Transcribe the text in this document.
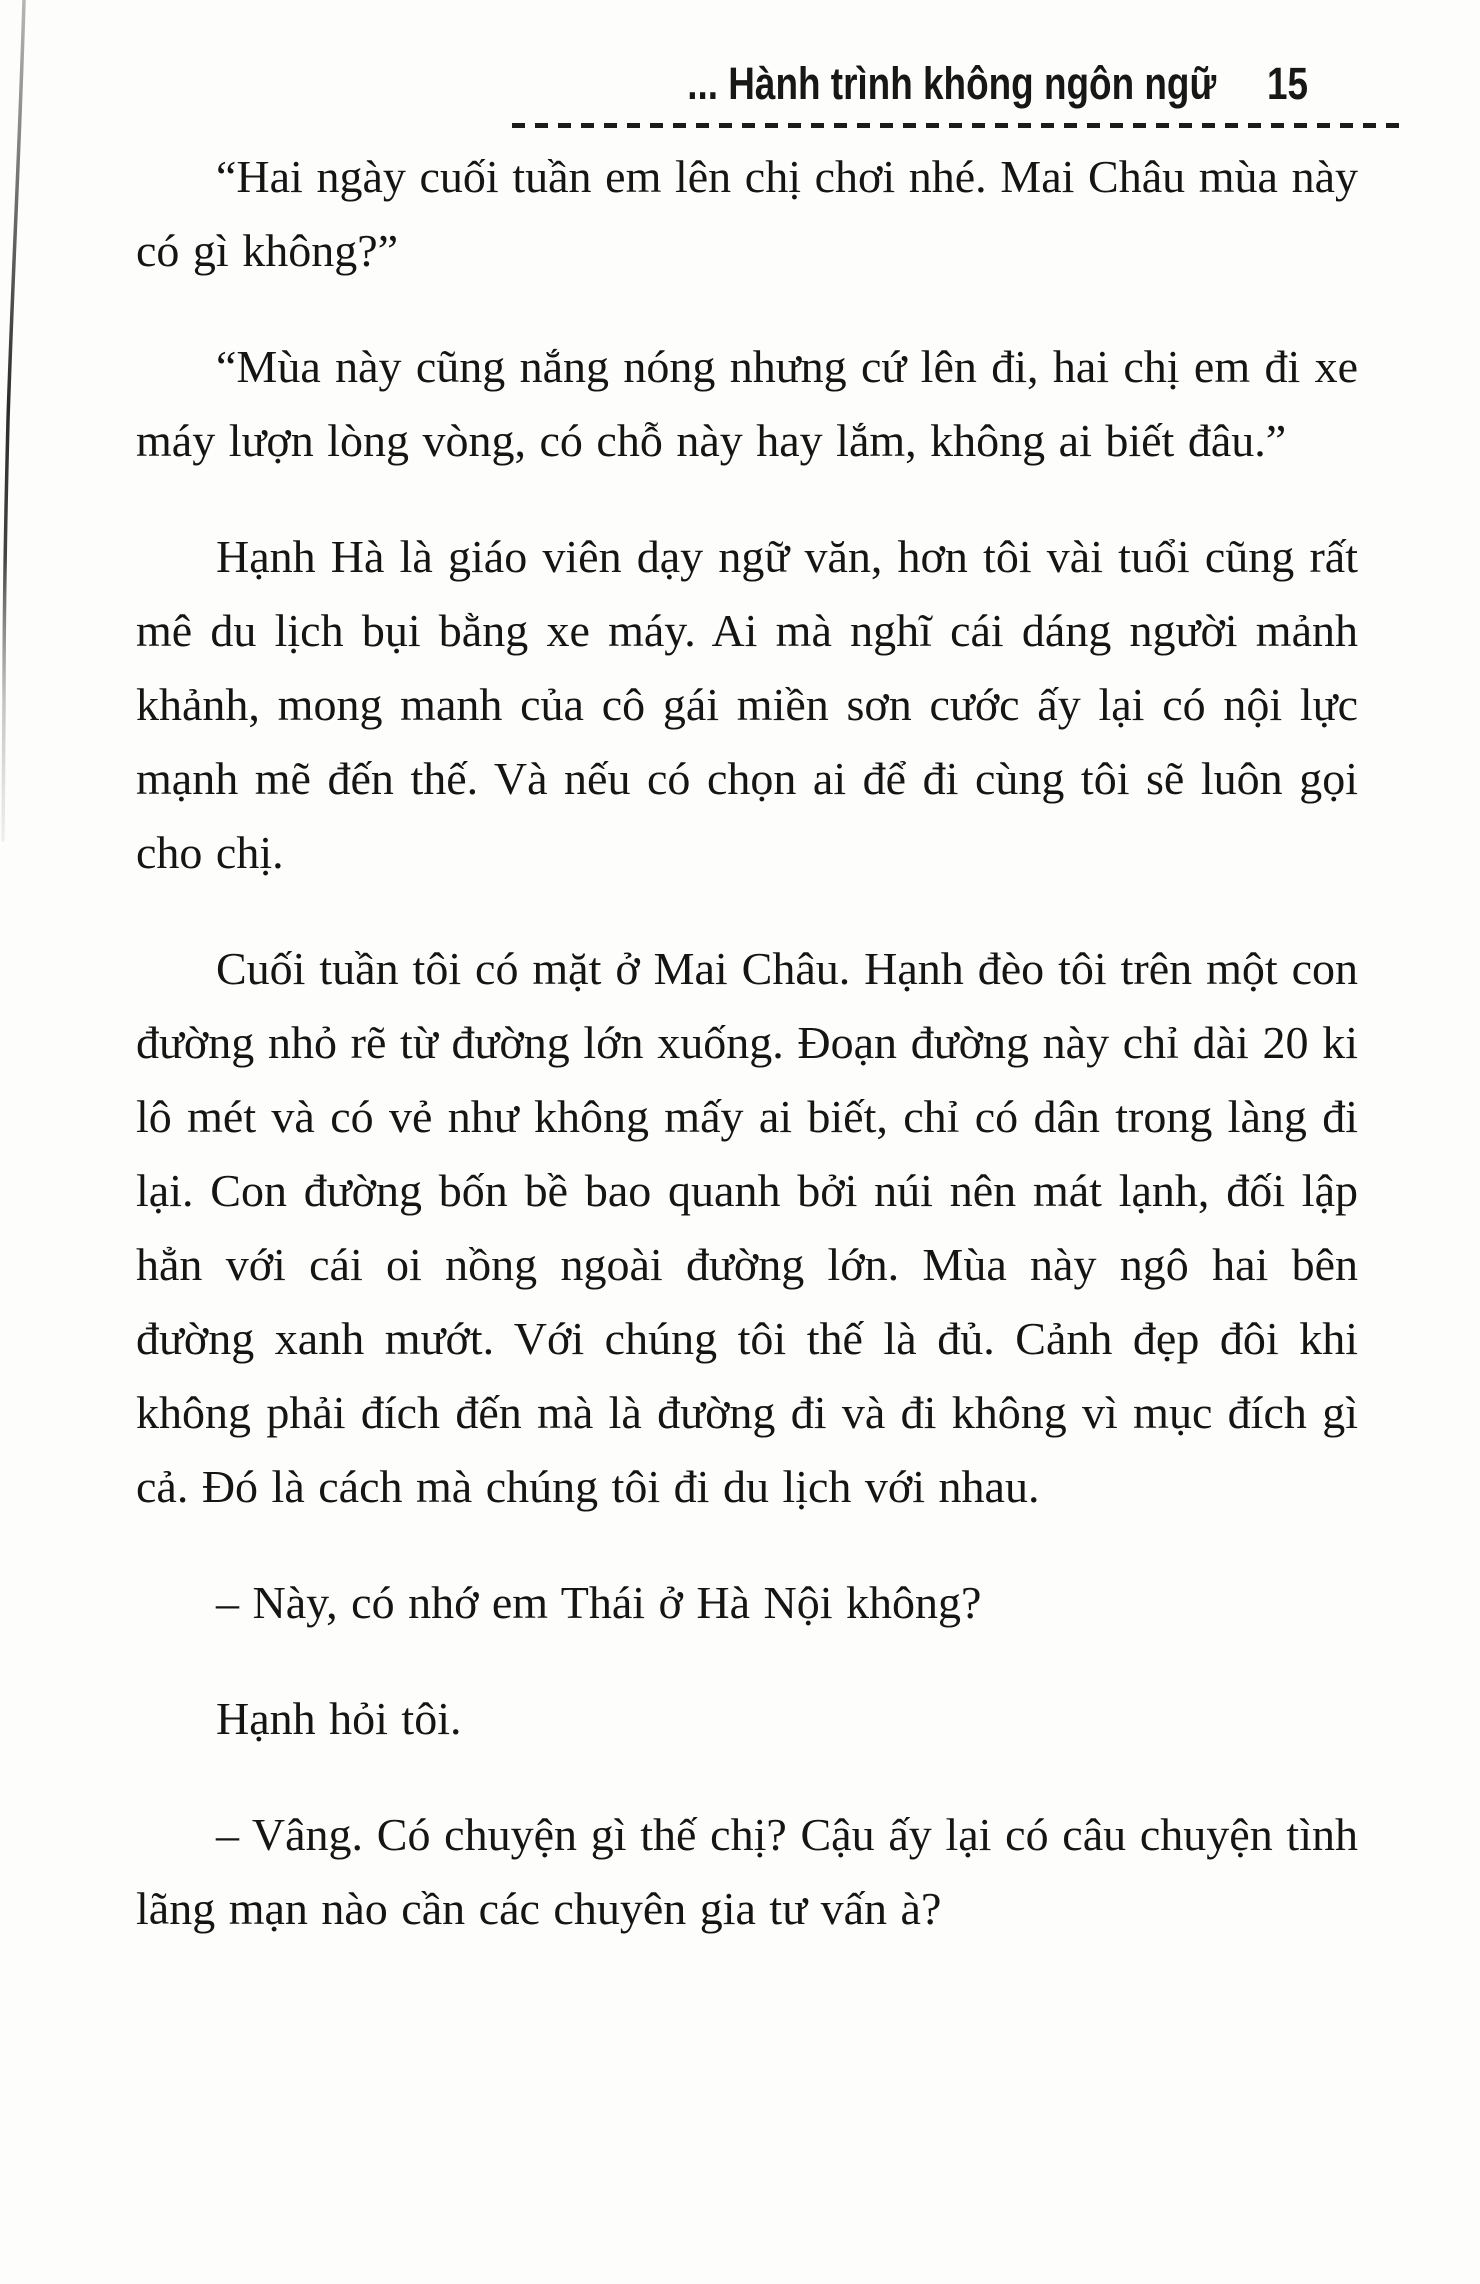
... Hành trình không ngôn ngữ 15

“Hai ngày cuối tuần em lên chị chơi nhé. Mai Châu mùa này có gì không?”

“Mùa này cũng nắng nóng nhưng cứ lên đi, hai chị em đi xe máy lượn lòng vòng, có chỗ này hay lắm, không ai biết đâu.”

Hạnh Hà là giáo viên dạy ngữ văn, hơn tôi vài tuổi cũng rất mê du lịch bụi bằng xe máy. Ai mà nghĩ cái dáng người mảnh khảnh, mong manh của cô gái miền sơn cước ấy lại có nội lực mạnh mẽ đến thế. Và nếu có chọn ai để đi cùng tôi sẽ luôn gọi cho chị.

Cuối tuần tôi có mặt ở Mai Châu. Hạnh đèo tôi trên một con đường nhỏ rẽ từ đường lớn xuống. Đoạn đường này chỉ dài 20 ki lô mét và có vẻ như không mấy ai biết, chỉ có dân trong làng đi lại. Con đường bốn bề bao quanh bởi núi nên mát lạnh, đối lập hẳn với cái oi nồng ngoài đường lớn. Mùa này ngô hai bên đường xanh mướt. Với chúng tôi thế là đủ. Cảnh đẹp đôi khi không phải đích đến mà là đường đi và đi không vì mục đích gì cả. Đó là cách mà chúng tôi đi du lịch với nhau.

– Này, có nhớ em Thái ở Hà Nội không?

Hạnh hỏi tôi.

– Vâng. Có chuyện gì thế chị? Cậu ấy lại có câu chuyện tình lãng mạn nào cần các chuyên gia tư vấn à?
